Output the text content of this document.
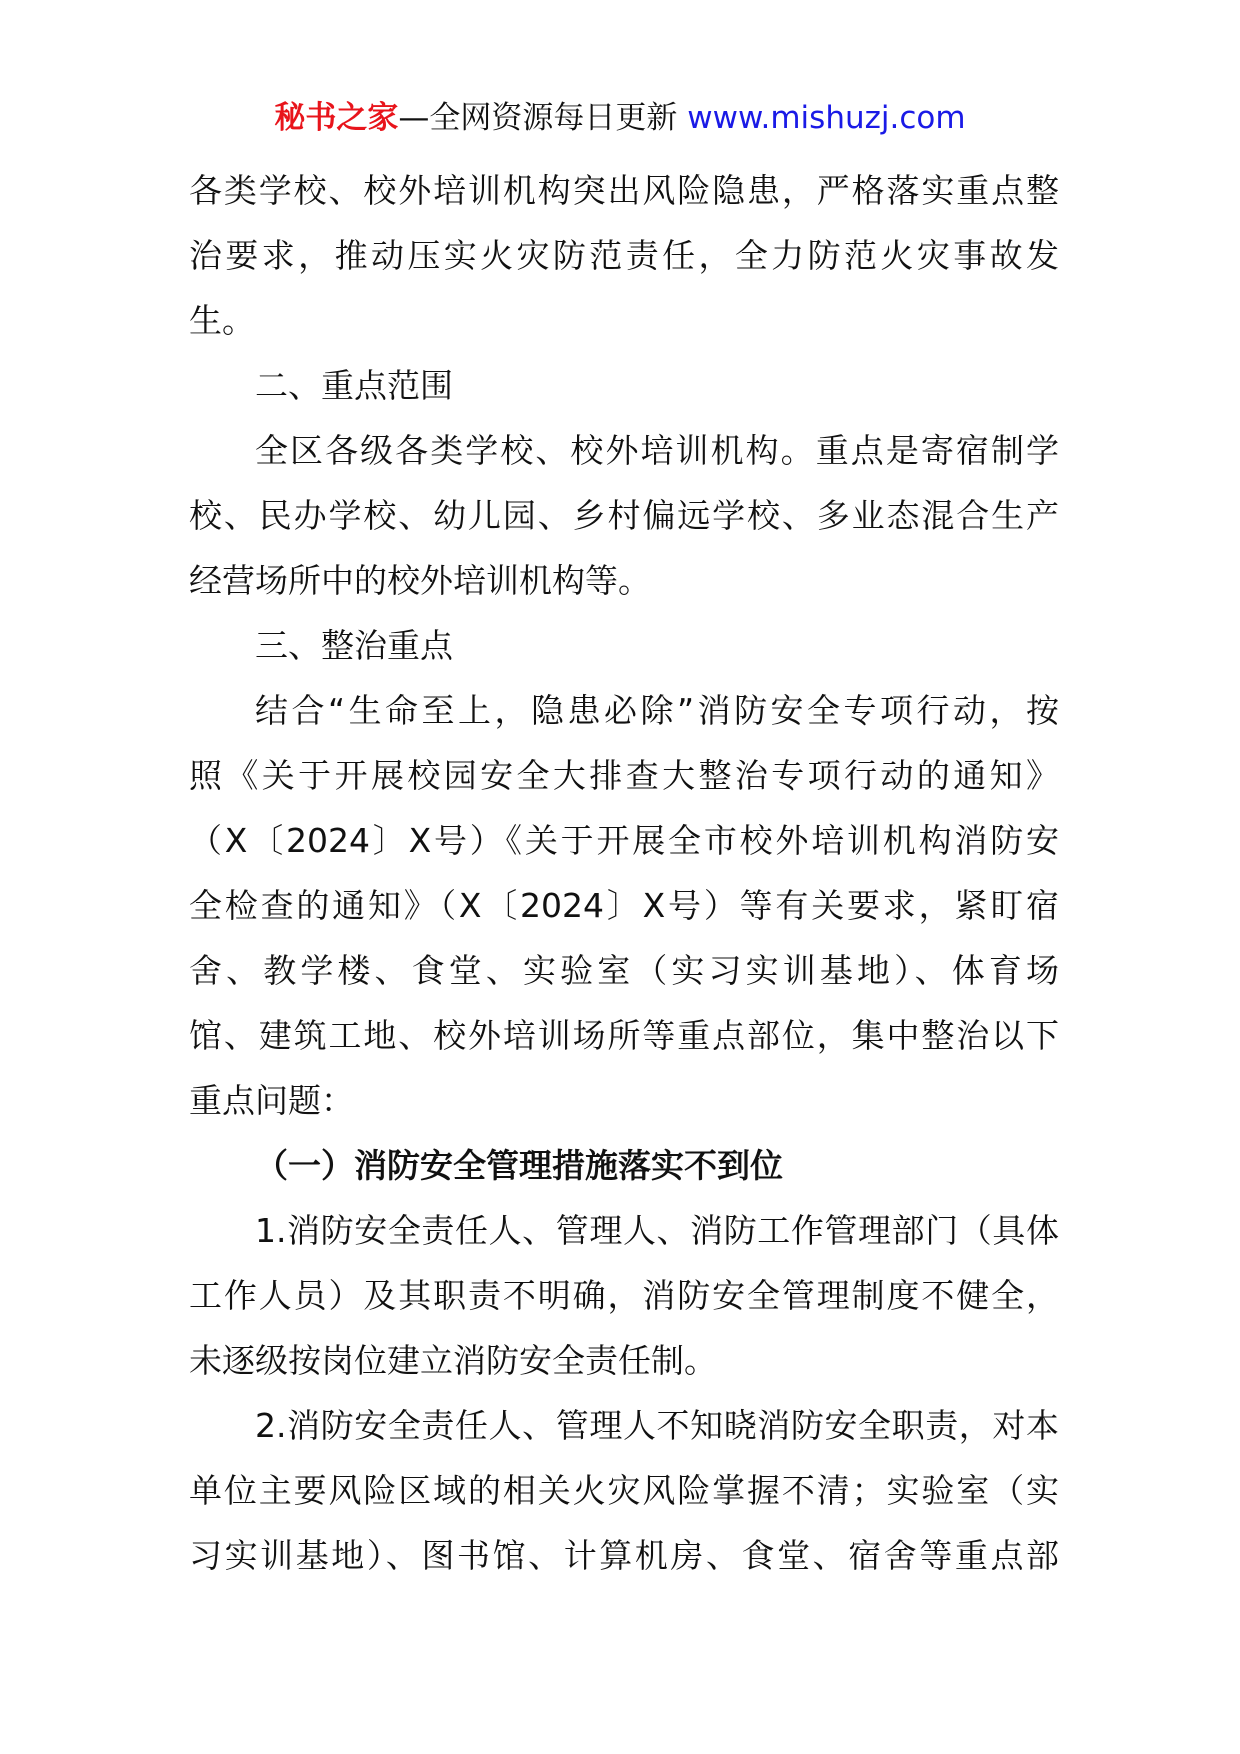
秘书之家—全网资源每日更新 www.mishuzj.com
各类学校、校外培训机构突出风险隐患，严格落实重点整
治要求，推动压实火灾防范责任，全力防范火灾事故发
生。
二、重点范围
全区各级各类学校、校外培训机构。重点是寄宿制学
校、民办学校、幼儿园、乡村偏远学校、多业态混合生产
经营场所中的校外培训机构等。
三、整治重点
结合“生命至上，隐患必除”消防安全专项行动，按
照《关于开展校园安全大排查大整治专项行动的通知》
（X〔2024〕X号）《关于开展全市校外培训机构消防安
全检查的通知》（X〔2024〕X号）等有关要求，紧盯宿
舍、教学楼、食堂、实验室（实习实训基地）、体育场
馆、建筑工地、校外培训场所等重点部位，集中整治以下
重点问题：
（一）消防安全管理措施落实不到位
1.消防安全责任人、管理人、消防工作管理部门（具体
工作人员）及其职责不明确，消防安全管理制度不健全，
未逐级按岗位建立消防安全责任制。
2.消防安全责任人、管理人不知晓消防安全职责，对本
单位主要风险区域的相关火灾风险掌握不清；实验室（实
习实训基地）、图书馆、计算机房、食堂、宿舍等重点部
